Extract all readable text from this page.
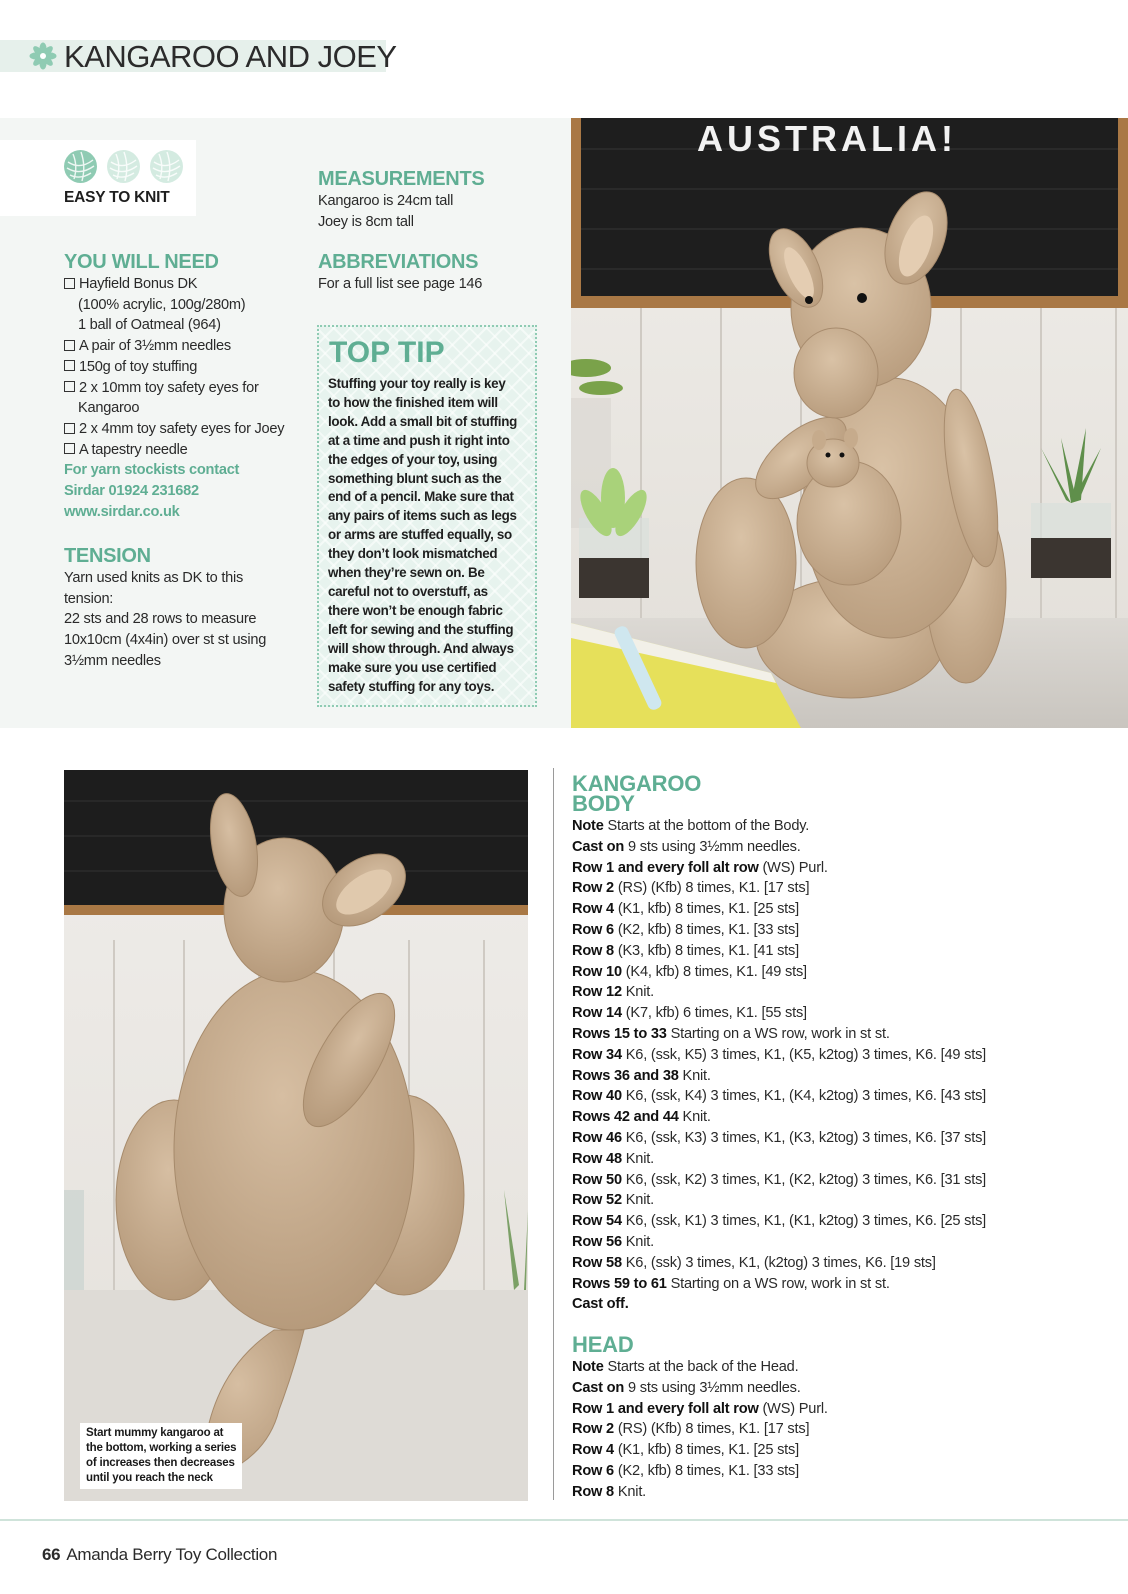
KANGAROO AND JOEY
EASY TO KNIT
YOU WILL NEED
Hayfield Bonus DK
(100% acrylic, 100g/280m)
1 ball of Oatmeal (964)
A pair of 3½mm needles
150g of toy stuffing
2 x 10mm toy safety eyes for
Kangaroo
2 x 4mm toy safety eyes for Joey
A tapestry needle
For yarn stockists contact
Sirdar 01924 231682
www.sirdar.co.uk
TENSION
Yarn used knits as DK to this
tension:
22 sts and 28 rows to measure
10x10cm (4x4in) over st st using
3½mm needles
MEASUREMENTS
Kangaroo is 24cm tall
Joey is 8cm tall
ABBREVIATIONS
For a full list see page 146
TOP TIP
Stuffing your toy really is key
to how the finished item will
look. Add a small bit of stuffing
at a time and push it right into
the edges of your toy, using
something blunt such as the
end of a pencil. Make sure that
any pairs of items such as legs
or arms are stuffed equally, so
they don’t look mismatched
when they’re sewn on. Be
careful not to overstuff, as
there won’t be enough fabric
left for sewing and the stuffing
will show through. And always
make sure you use certified
safety stuffing for any toys.
AUSTRALIA!
Start mummy kangaroo at
the bottom, working a series
of increases then decreases
until you reach the neck
KANGAROO
BODY
Note Starts at the bottom of the Body.
Cast on 9 sts using 3½mm needles.
Row 1 and every foll alt row (WS) Purl.
Row 2 (RS) (Kfb) 8 times, K1. [17 sts]
Row 4 (K1, kfb) 8 times, K1. [25 sts]
Row 6 (K2, kfb) 8 times, K1. [33 sts]
Row 8 (K3, kfb) 8 times, K1. [41 sts]
Row 10 (K4, kfb) 8 times, K1. [49 sts]
Row 12 Knit.
Row 14 (K7, kfb) 6 times, K1. [55 sts]
Rows 15 to 33 Starting on a WS row, work in st st.
Row 34 K6, (ssk, K5) 3 times, K1, (K5, k2tog) 3 times, K6. [49 sts]
Rows 36 and 38 Knit.
Row 40 K6, (ssk, K4) 3 times, K1, (K4, k2tog) 3 times, K6. [43 sts]
Rows 42 and 44 Knit.
Row 46 K6, (ssk, K3) 3 times, K1, (K3, k2tog) 3 times, K6. [37 sts]
Row 48 Knit.
Row 50 K6, (ssk, K2) 3 times, K1, (K2, k2tog) 3 times, K6. [31 sts]
Row 52 Knit.
Row 54 K6, (ssk, K1) 3 times, K1, (K1, k2tog) 3 times, K6. [25 sts]
Row 56 Knit.
Row 58 K6, (ssk) 3 times, K1, (k2tog) 3 times, K6. [19 sts]
Rows 59 to 61 Starting on a WS row, work in st st.
Cast off.
HEAD
Note Starts at the back of the Head.
Cast on 9 sts using 3½mm needles.
Row 1 and every foll alt row (WS) Purl.
Row 2 (RS) (Kfb) 8 times, K1. [17 sts]
Row 4 (K1, kfb) 8 times, K1. [25 sts]
Row 6 (K2, kfb) 8 times, K1. [33 sts]
Row 8 Knit.
66 Amanda Berry Toy Collection
